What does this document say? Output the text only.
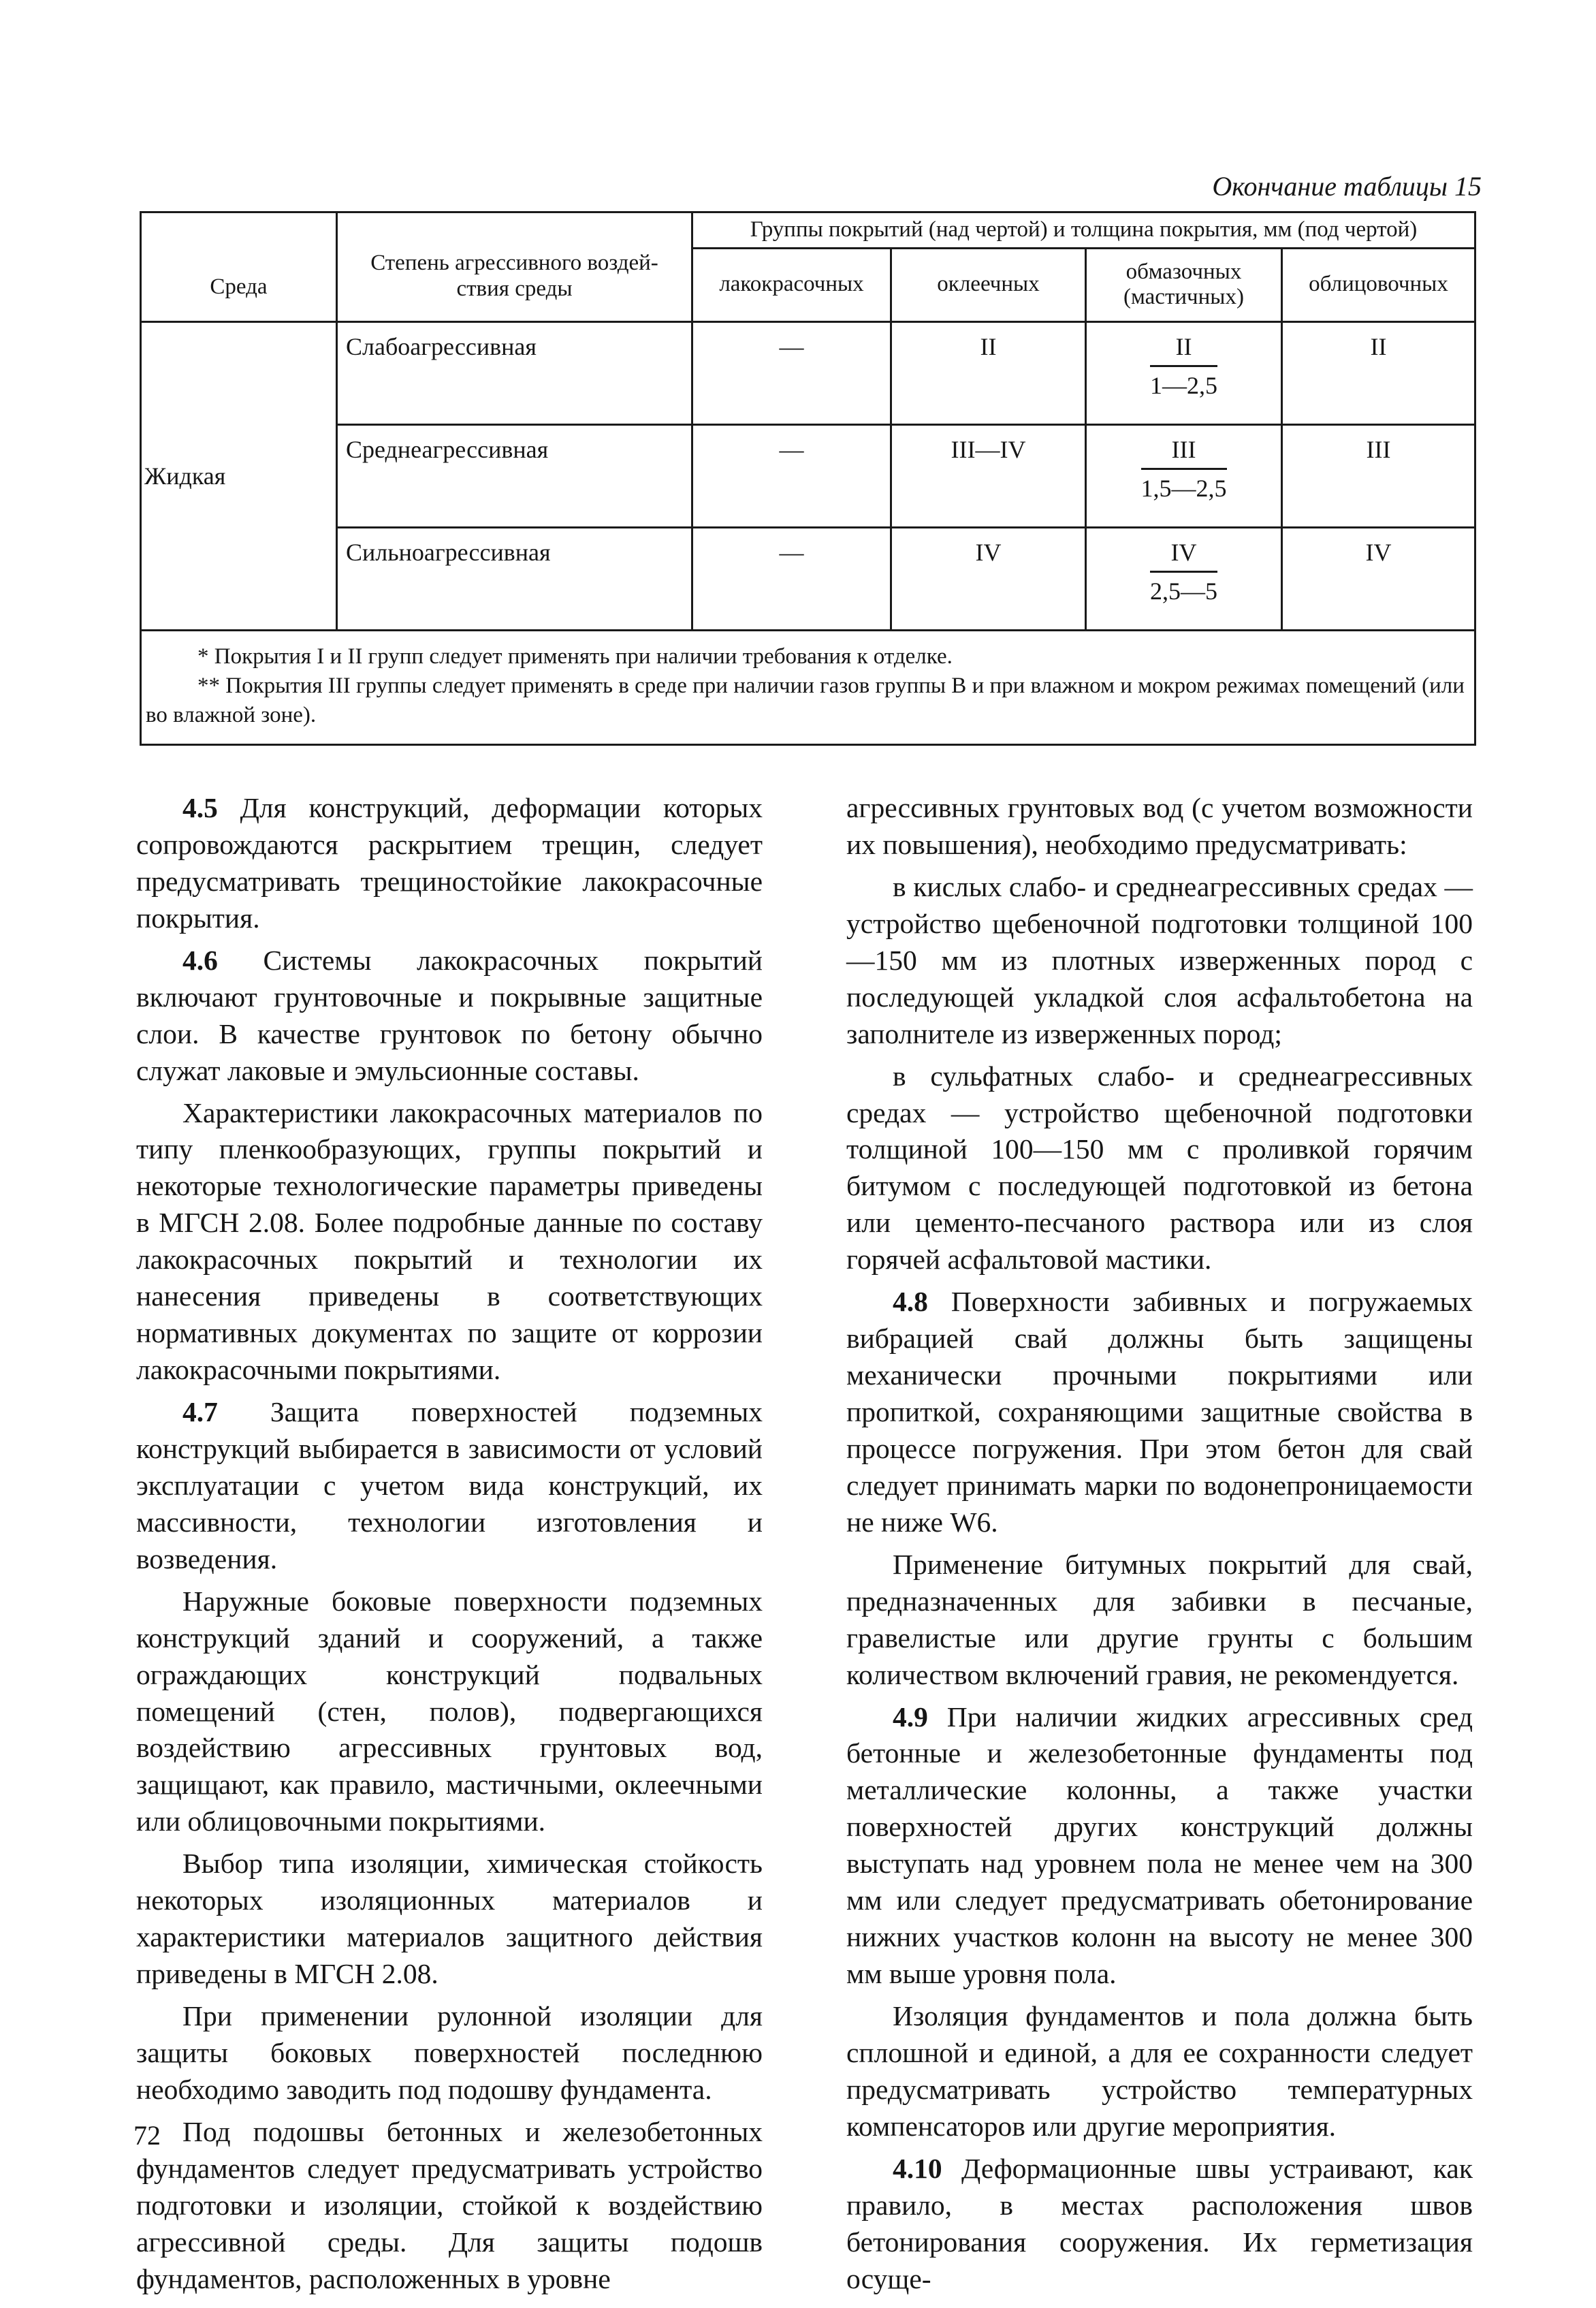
Окончание таблицы 15
Среда	Степень агрессивного воздей-ствия среды	Группы покрытий (над чертой) и толщина покрытия, мм (под чертой)			
		лакокрасочных	оклеечных	обмазочных (мастичных)	облицовочных
Жидкая	Слабоагрессивная	—	II	$\frac{II}{1—2,5}$	II
	Среднеагрессивная	—	III—IV	$\frac{\text{III}}{1,5—2,5}$	III
	Сильноагрессивная	—	IV	$\frac{IV}{2,5—5}$	IV

* Покрытия I и II групп следует применять при наличии требования к отделке.

** Покрытия III группы следует применять в среде при наличии газов группы В и при влажном и мокром режимах помещений (или во влажной зоне).					

4.5 Для конструкций, деформации которых сопровождаются раскрытием трещин, следует предусматривать трещиностойкие лакокрасочные покрытия.

4.6 Системы лакокрасочных покрытий включают грунтовочные и покрывные защитные слои. В качестве грунтовок по бетону обычно служат лаковые и эмульсионные составы.

Характеристики лакокрасочных материалов по типу пленкообразующих, группы покрытий и некоторые технологические параметры приведены в МГСН 2.08. Более подробные данные по составу лакокрасочных покрытий и технологии их нанесения приведены в соответствующих нормативных документах по защите от коррозии лакокрасочными покрытиями.

4.7 Защита поверхностей подземных конструкций выбирается в зависимости от условий эксплуатации с учетом вида конструкций, их массивности, технологии изготовления и возведения.

Наружные боковые поверхности подземных конструкций зданий и сооружений, а также ограждающих конструкций подвальных помещений (стен, полов), подвергающихся воздействию агрессивных грунтовых вод, защищают, как правило, мастичными, оклеечными или облицовочными покрытиями.

Выбор типа изоляции, химическая стойкость некоторых изоляционных материалов и характеристики материалов защитного действия приведены в МГСН 2.08.

При применении рулонной изоляции для защиты боковых поверхностей последнюю необходимо заводить под подошву фундамента.

Под подошвы бетонных и железобетонных фундаментов следует предусматривать устройство подготовки и изоляции, стойкой к воздействию агрессивной среды. Для защиты подошв фундаментов, расположенных в уровне

агрессивных грунтовых вод (с учетом возможности их повышения), необходимо предусматривать:

в кислых слабо- и среднеагрессивных средах — устройство щебеночной подготовки толщиной 100—150 мм из плотных изверженных пород с последующей укладкой слоя асфальтобетона на заполнителе из изверженных пород;

в сульфатных слабо- и среднеагрессивных средах — устройство щебеночной подготовки толщиной 100—150 мм с проливкой горячим битумом с последующей подготовкой из бетона или цементо-песчаного раствора или из слоя горячей асфальтовой мастики.

4.8 Поверхности забивных и погружаемых вибрацией свай должны быть защищены механически прочными покрытиями или пропиткой, сохраняющими защитные свойства в процессе погружения. При этом бетон для свай следует принимать марки по водонепроницаемости не ниже W6.

Применение битумных покрытий для свай, предназначенных для забивки в песчаные, гравелистые или другие грунты с большим количеством включений гравия, не рекомендуется.

4.9 При наличии жидких агрессивных сред бетонные и железобетонные фундаменты под металлические колонны, а также участки поверхностей других конструкций должны выступать над уровнем пола не менее чем на 300 мм или следует предусматривать обетонирование нижних участков колонн на высоту не менее 300 мм выше уровня пола.

Изоляция фундаментов и пола должна быть сплошной и единой, а для ее сохранности следует предусматривать устройство температурных компенсаторов или другие мероприятия.

4.10 Деформационные швы устраивают, как правило, в местах расположения швов бетонирования сооружения. Их герметизация осуще-

72
